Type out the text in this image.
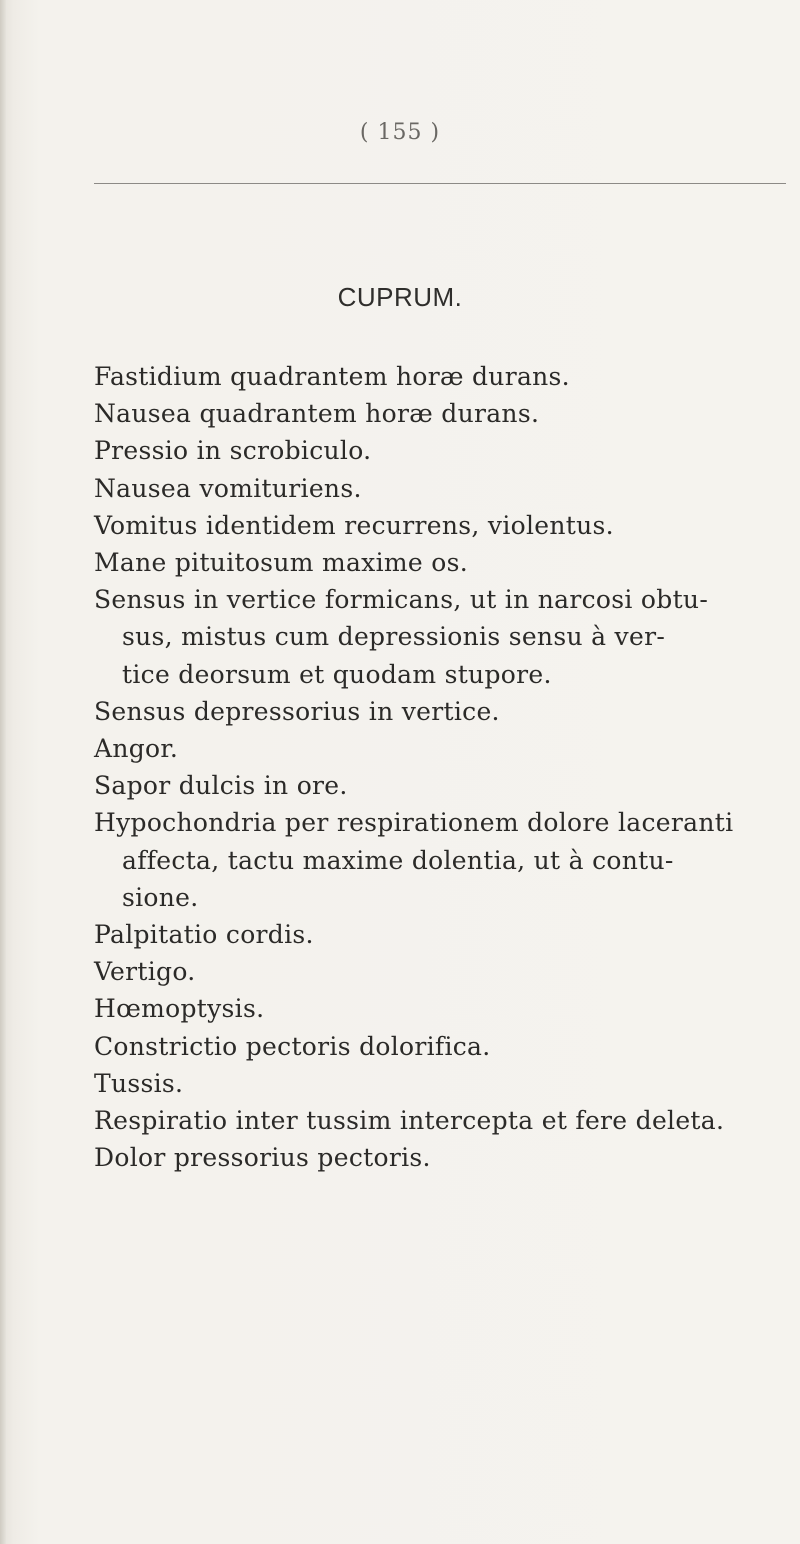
( 155 )
CUPRUM.
Fastidium quadrantem horæ durans.
Nausea quadrantem horæ durans.
Pressio in scrobiculo.
Nausea vomituriens.
Vomitus identidem recurrens, violentus.
Mane pituitosum maxime os.
Sensus in vertice formicans, ut in narcosi obtu-
sus, mistus cum depressionis sensu à ver-
tice deorsum et quodam stupore.
Sensus depressorius in vertice.
Angor.
Sapor dulcis in ore.
Hypochondria per respirationem dolore laceranti
affecta, tactu maxime dolentia, ut à contu-
sione.
Palpitatio cordis.
Vertigo.
Hœmoptysis.
Constrictio pectoris dolorifica.
Tussis.
Respiratio inter tussim intercepta et fere deleta.
Dolor pressorius pectoris.
